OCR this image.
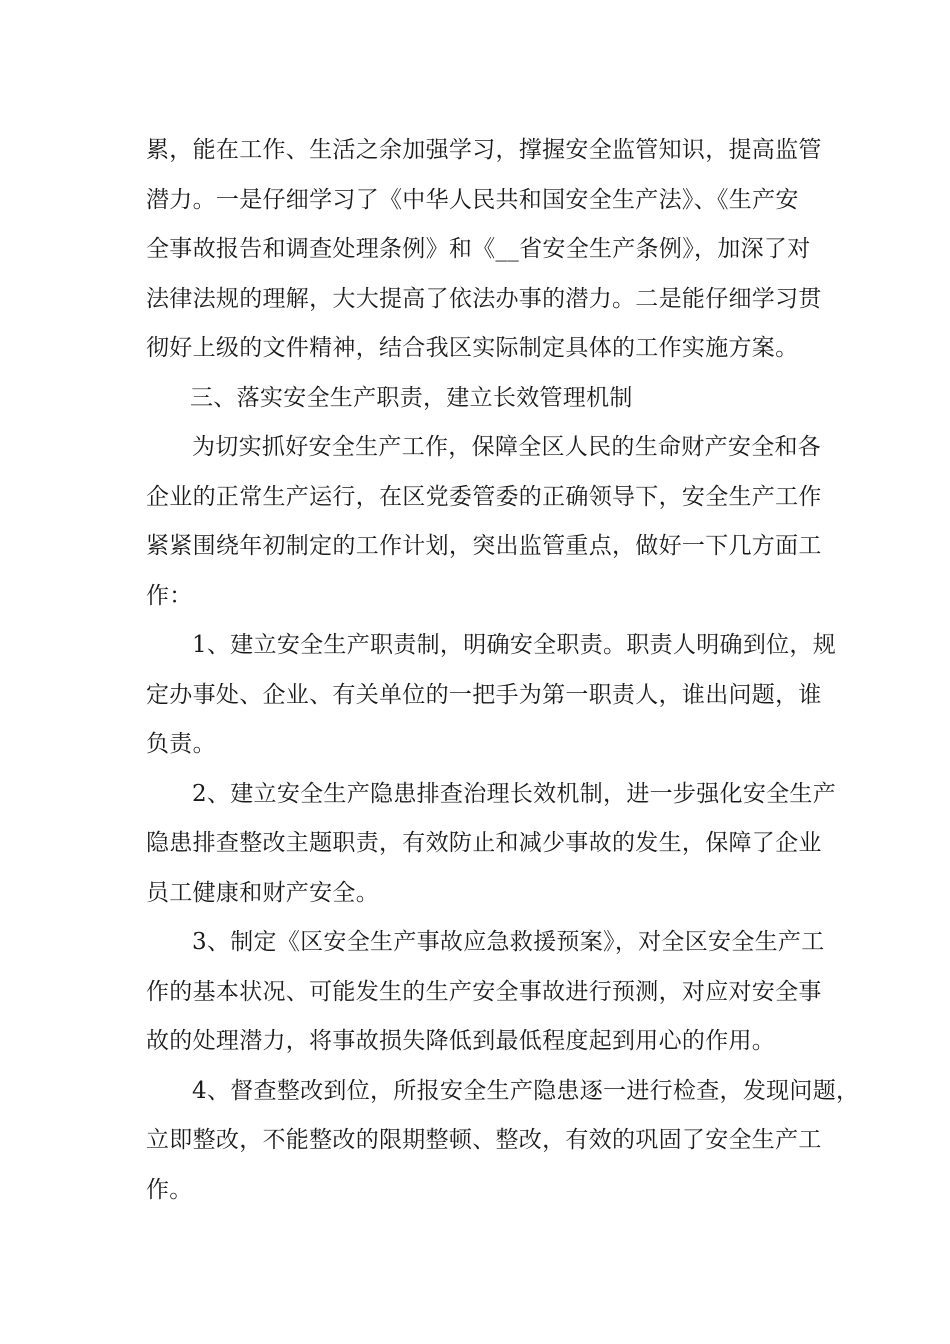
累，能在工作、生活之余加强学习，撑握安全监管知识，提高监管
潜力。一是仔细学习了《中华人民共和国安全生产法》、《生产安
全事故报告和调查处理条例》和《__省安全生产条例》，加深了对
法律法规的理解，大大提高了依法办事的潜力。二是能仔细学习贯
彻好上级的文件精神，结合我区实际制定具体的工作实施方案。
三、落实安全生产职责，建立长效管理机制
为切实抓好安全生产工作，保障全区人民的生命财产安全和各
企业的正常生产运行，在区党委管委的正确领导下，安全生产工作
紧紧围绕年初制定的工作计划，突出监管重点，做好一下几方面工
作：
1、建立安全生产职责制，明确安全职责。职责人明确到位，规
定办事处、企业、有关单位的一把手为第一职责人，谁出问题，谁
负责。
2、建立安全生产隐患排查治理长效机制，进一步强化安全生产
隐患排查整改主题职责，有效防止和减少事故的发生，保障了企业
员工健康和财产安全。
3、制定《区安全生产事故应急救援预案》，对全区安全生产工
作的基本状况、可能发生的生产安全事故进行预测，对应对安全事
故的处理潜力，将事故损失降低到最低程度起到用心的作用。
4、督查整改到位，所报安全生产隐患逐一进行检查，发现问题，
立即整改，不能整改的限期整顿、整改，有效的巩固了安全生产工
作。
